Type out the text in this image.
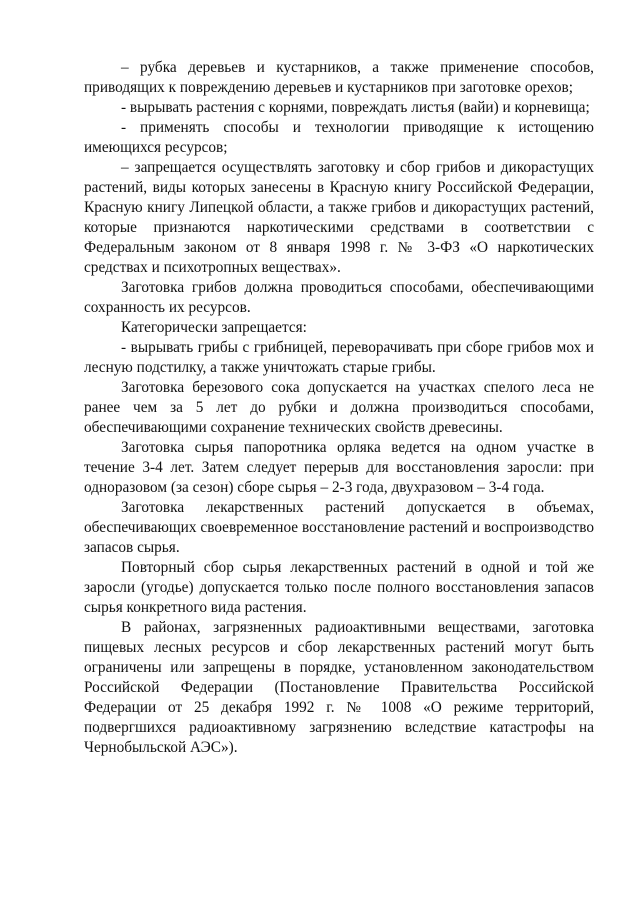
– рубка деревьев и кустарников, а также применение способов, приводящих к повреждению деревьев и кустарников при заготовке орехов;

- вырывать растения с корнями, повреждать листья (вайи) и корневища;

- применять способы и технологии приводящие к истощению имеющихся ресурсов;

– запрещается осуществлять заготовку и сбор грибов и дикорастущих растений, виды которых занесены в Красную книгу Российской Федерации, Красную книгу Липецкой области, а также грибов и дикорастущих растений, которые признаются наркотическими средствами в соответствии с Федеральным законом от 8 января 1998 г. № 3-ФЗ «О наркотических средствах и психотропных веществах».

Заготовка грибов должна проводиться способами, обеспечивающими сохранность их ресурсов.

Категорически запрещается:

- вырывать грибы с грибницей, переворачивать при сборе грибов мох и лесную подстилку, а также уничтожать старые грибы.

Заготовка березового сока допускается на участках спелого леса не ранее чем за 5 лет до рубки и должна производиться способами, обеспечивающими сохранение технических свойств древесины.

Заготовка сырья папоротника орляка ведется на одном участке в течение 3-4 лет. Затем следует перерыв для восстановления заросли: при одноразовом (за сезон) сборе сырья – 2-3 года, двухразовом – 3-4 года.

Заготовка лекарственных растений допускается в объемах, обеспечивающих своевременное восстановление растений и воспроизводство запасов сырья.

Повторный сбор сырья лекарственных растений в одной и той же заросли (угодье) допускается только после полного восстановления запасов сырья конкретного вида растения.

В районах, загрязненных радиоактивными веществами, заготовка пищевых лесных ресурсов и сбор лекарственных растений могут быть ограничены или запрещены в порядке, установленном законодательством Российской Федерации (Постановление Правительства Российской Федерации от 25 декабря 1992 г. № 1008 «О режиме территорий, подвергшихся радиоактивному загрязнению вследствие катастрофы на Чернобыльской АЭС»).
